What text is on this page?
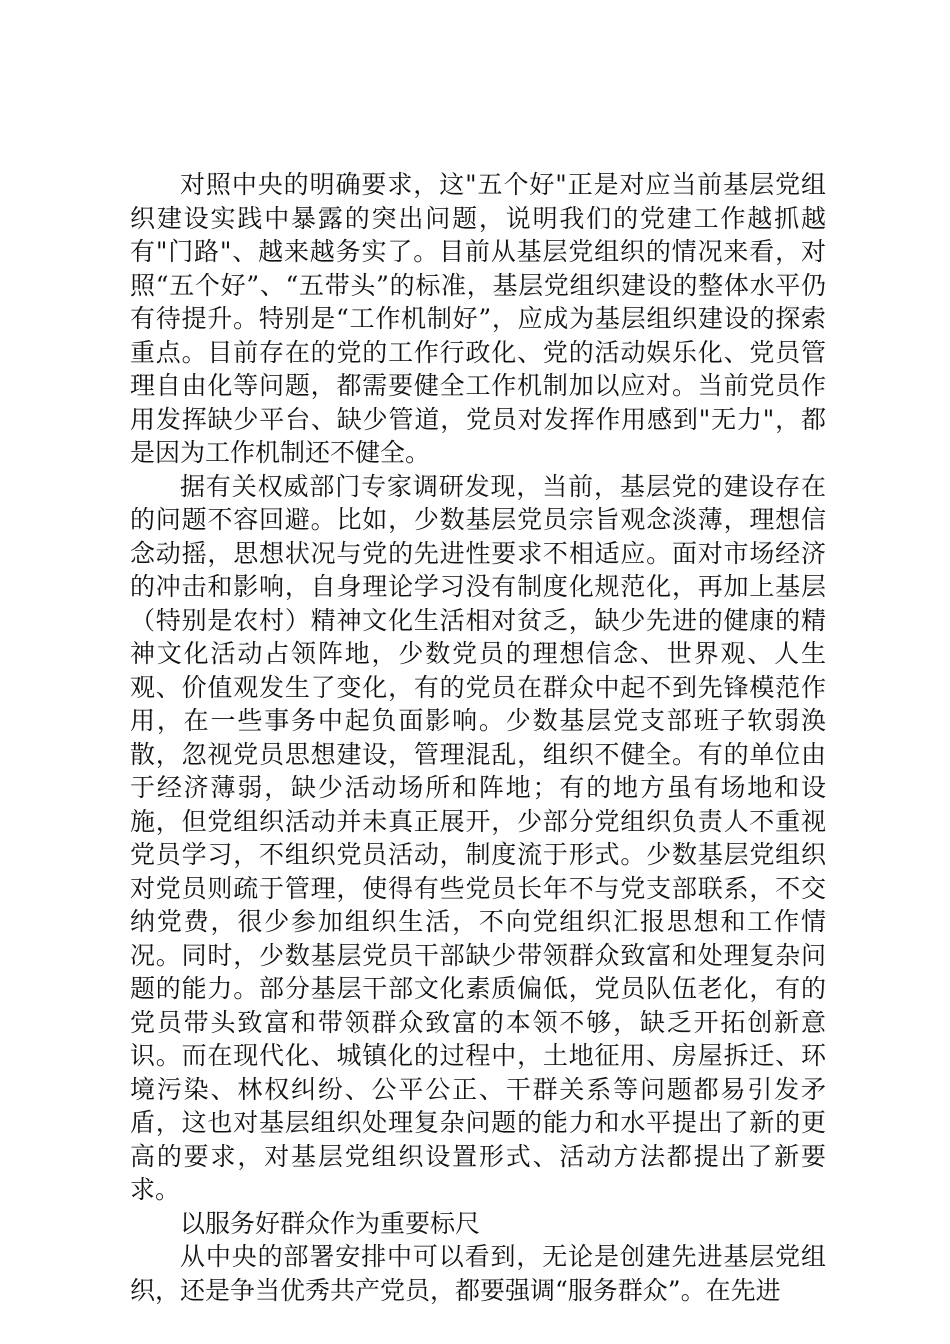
对照中央的明确要求，这"五个好"正是对应当前基层党组织建设实践中暴露的突出问题，说明我们的党建工作越抓越有"门路"、越来越务实了。目前从基层党组织的情况来看，对照“五个好”、“五带头”的标准，基层党组织建设的整体水平仍有待提升。特别是“工作机制好”，应成为基层组织建设的探索重点。目前存在的党的工作行政化、党的活动娱乐化、党员管理自由化等问题，都需要健全工作机制加以应对。当前党员作用发挥缺少平台、缺少管道，党员对发挥作用感到"无力"，都是因为工作机制还不健全。

据有关权威部门专家调研发现，当前，基层党的建设存在的问题不容回避。比如，少数基层党员宗旨观念淡薄，理想信念动摇，思想状况与党的先进性要求不相适应。面对市场经济的冲击和影响，自身理论学习没有制度化规范化，再加上基层（特别是农村）精神文化生活相对贫乏，缺少先进的健康的精神文化活动占领阵地，少数党员的理想信念、世界观、人生观、价值观发生了变化，有的党员在群众中起不到先锋模范作用，在一些事务中起负面影响。少数基层党支部班子软弱涣散，忽视党员思想建设，管理混乱，组织不健全。有的单位由于经济薄弱，缺少活动场所和阵地；有的地方虽有场地和设施，但党组织活动并未真正展开，少部分党组织负责人不重视党员学习，不组织党员活动，制度流于形式。少数基层党组织对党员则疏于管理，使得有些党员长年不与党支部联系，不交纳党费，很少参加组织生活，不向党组织汇报思想和工作情况。同时，少数基层党员干部缺少带领群众致富和处理复杂问题的能力。部分基层干部文化素质偏低，党员队伍老化，有的党员带头致富和带领群众致富的本领不够，缺乏开拓创新意识。而在现代化、城镇化的过程中，土地征用、房屋拆迁、环境污染、林权纠纷、公平公正、干群关系等问题都易引发矛盾，这也对基层组织处理复杂问题的能力和水平提出了新的更高的要求，对基层党组织设置形式、活动方法都提出了新要求。

以服务好群众作为重要标尺

从中央的部署安排中可以看到，无论是创建先进基层党组织，还是争当优秀共产党员，都要强调“服务群众”。在先进
